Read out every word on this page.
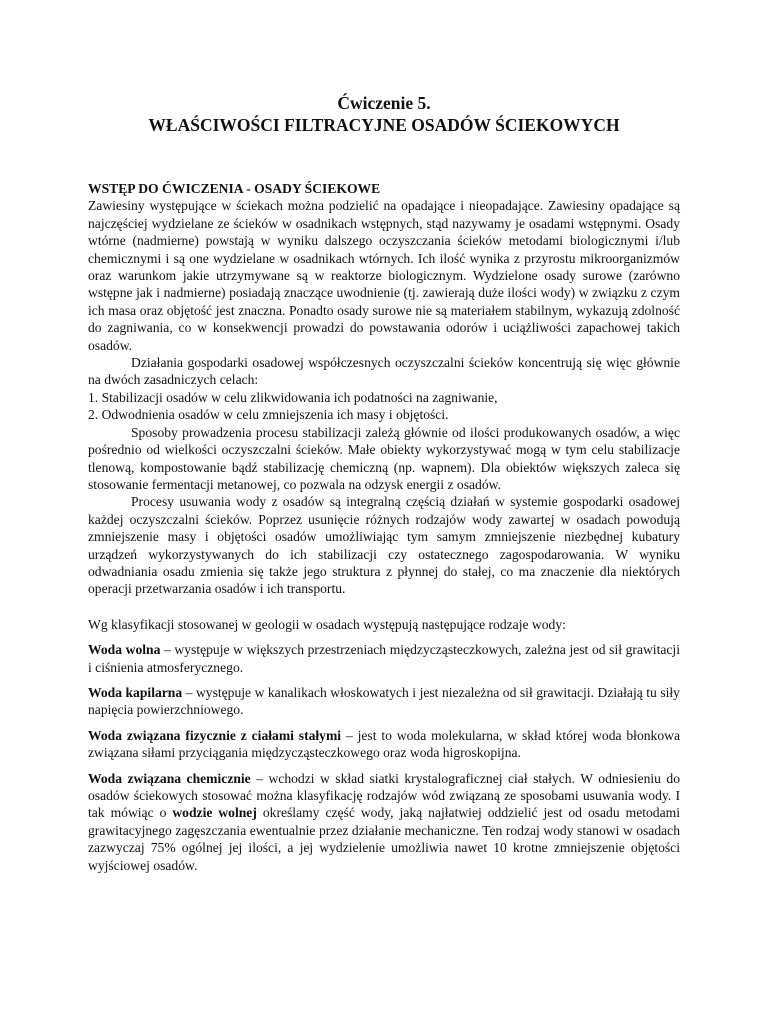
Ćwiczenie 5.
WŁAŚCIWOŚCI FILTRACYJNE OSADÓW ŚCIEKOWYCH
WSTĘP DO ĆWICZENIA - OSADY ŚCIEKOWE

Zawiesiny występujące w ściekach można podzielić na opadające i nieopadające. Zawiesiny opadające są najczęściej wydzielane ze ścieków w osadnikach wstępnych, stąd nazywamy je osadami wstępnymi. Osady wtórne (nadmierne) powstają w wyniku dalszego oczyszczania ścieków metodami biologicznymi i/lub chemicznymi i są one wydzielane w osadnikach wtórnych. Ich ilość wynika z przyrostu mikroorganizmów oraz warunkom jakie utrzymywane są w reaktorze biologicznym. Wydzielone osady surowe (zarówno wstępne jak i nadmierne) posiadają znaczące uwodnienie (tj. zawierają duże ilości wody) w związku z czym ich masa oraz objętość jest znaczna. Ponadto osady surowe nie są materiałem stabilnym, wykazują zdolność do zagniwania, co w konsekwencji prowadzi do powstawania odorów i uciążliwości zapachowej takich osadów.

Działania gospodarki osadowej współczesnych oczyszczalni ścieków koncentrują się więc głównie na dwóch zasadniczych celach:

1. Stabilizacji osadów w celu zlikwidowania ich podatności na zagniwanie,

2. Odwodnienia osadów w celu zmniejszenia ich masy i objętości.

Sposoby prowadzenia procesu stabilizacji zależą głównie od ilości produkowanych osadów, a więc pośrednio od wielkości oczyszczalni ścieków. Małe obiekty wykorzystywać mogą w tym celu stabilizacje tlenową, kompostowanie bądź stabilizację chemiczną (np. wapnem). Dla obiektów większych zaleca się stosowanie fermentacji metanowej, co pozwala na odzysk energii z osadów.

Procesy usuwania wody z osadów są integralną częścią działań w systemie gospodarki osadowej każdej oczyszczalni ścieków. Poprzez usunięcie różnych rodzajów wody zawartej w osadach powodują zmniejszenie masy i objętości osadów umożliwiając tym samym zmniejszenie niezbędnej kubatury urządzeń wykorzystywanych do ich stabilizacji czy ostatecznego zagospodarowania. W wyniku odwadniania osadu zmienia się także jego struktura z płynnej do stałej, co ma znaczenie dla niektórych operacji przetwarzania osadów i ich transportu.

Wg klasyfikacji stosowanej w geologii w osadach występują następujące rodzaje wody:

Woda wolna – występuje w większych przestrzeniach międzycząsteczkowych, zależna jest od sił grawitacji i ciśnienia atmosferycznego.

Woda kapilarna – występuje w kanalikach włoskowatych i jest niezależna od sił grawitacji. Działają tu siły napięcia powierzchniowego.

Woda związana fizycznie z ciałami stałymi – jest to woda molekularna, w skład której woda błonkowa związana siłami przyciągania międzycząsteczkowego oraz woda higroskopijna.

Woda związana chemicznie – wchodzi w skład siatki krystalograficznej ciał stałych. W odniesieniu do osadów ściekowych stosować można klasyfikację rodzajów wód związaną ze sposobami usuwania wody. I tak mówiąc o wodzie wolnej określamy część wody, jaką najłatwiej oddzielić jest od osadu metodami grawitacyjnego zagęszczania ewentualnie przez działanie mechaniczne. Ten rodzaj wody stanowi w osadach zazwyczaj 75% ogólnej jej ilości, a jej wydzielenie umożliwia nawet 10 krotne zmniejszenie objętości wyjściowej osadów.
